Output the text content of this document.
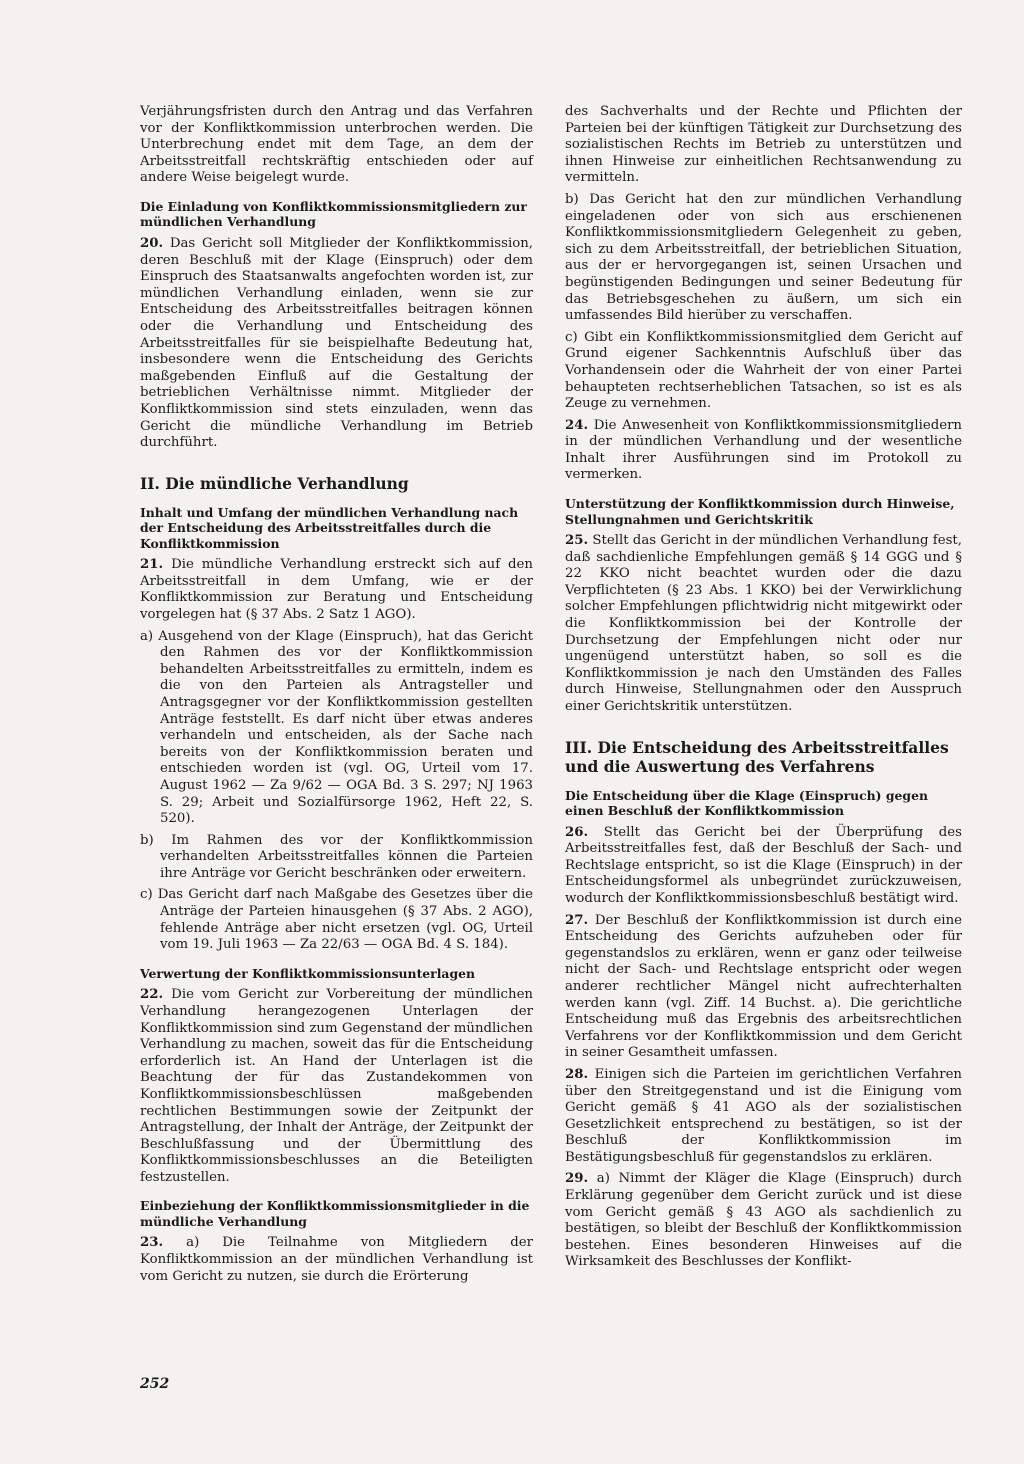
Verjährungsfristen durch den Antrag und das Verfahren vor der Konfliktkommission unterbrochen werden. Die Unterbrechung endet mit dem Tage, an dem der Arbeitsstreitfall rechtskräftig entschieden oder auf andere Weise beigelegt wurde.

Die Einladung von Konfliktkommissionsmitgliedern zur mündlichen Verhandlung

20. Das Gericht soll Mitglieder der Konfliktkommission, deren Beschluß mit der Klage (Einspruch) oder dem Einspruch des Staatsanwalts angefochten worden ist, zur mündlichen Verhandlung einladen, wenn sie zur Entscheidung des Arbeitsstreitfalles beitragen können oder die Verhandlung und Entscheidung des Arbeitsstreitfalles für sie beispielhafte Bedeutung hat, insbesondere wenn die Entscheidung des Gerichts maßgebenden Einfluß auf die Gestaltung der betrieblichen Verhältnisse nimmt. Mitglieder der Konfliktkommission sind stets einzuladen, wenn das Gericht die mündliche Verhandlung im Betrieb durchführt.

II. Die mündliche Verhandlung
Inhalt und Umfang der mündlichen Verhandlung nach der Entscheidung des Arbeitsstreitfalles durch die Konfliktkommission

21. Die mündliche Verhandlung erstreckt sich auf den Arbeitsstreitfall in dem Umfang, wie er der Konfliktkommission zur Beratung und Entscheidung vorgelegen hat (§ 37 Abs. 2 Satz 1 AGO).

a) Ausgehend von der Klage (Einspruch), hat das Gericht den Rahmen des vor der Konfliktkommission behandelten Arbeitsstreitfalles zu ermitteln, indem es die von den Parteien als Antragsteller und Antragsgegner vor der Konfliktkommission gestellten Anträge feststellt. Es darf nicht über etwas anderes verhandeln und entscheiden, als der Sache nach bereits von der Konfliktkommission beraten und entschieden worden ist (vgl. OG, Urteil vom 17. August 1962 — Za 9/62 — OGA Bd. 3 S. 297; NJ 1963 S. 29; Arbeit und Sozialfürsorge 1962, Heft 22, S. 520).

b) Im Rahmen des vor der Konfliktkommission verhandelten Arbeitsstreitfalles können die Parteien ihre Anträge vor Gericht beschränken oder erweitern.

c) Das Gericht darf nach Maßgabe des Gesetzes über die Anträge der Parteien hinausgehen (§ 37 Abs. 2 AGO), fehlende Anträge aber nicht ersetzen (vgl. OG, Urteil vom 19. Juli 1963 — Za 22/63 — OGA Bd. 4 S. 184).

Verwertung der Konfliktkommissionsunterlagen

22. Die vom Gericht zur Vorbereitung der mündlichen Verhandlung herangezogenen Unterlagen der Konfliktkommission sind zum Gegenstand der mündlichen Verhandlung zu machen, soweit das für die Entscheidung erforderlich ist. An Hand der Unterlagen ist die Beachtung der für das Zustandekommen von Konfliktkommissionsbeschlüssen maßgebenden rechtlichen Bestimmungen sowie der Zeitpunkt der Antragstellung, der Inhalt der Anträge, der Zeitpunkt der Beschlußfassung und der Übermittlung des Konfliktkommissionsbeschlusses an die Beteiligten festzustellen.

Einbeziehung der Konfliktkommissionsmitglieder in die mündliche Verhandlung

23. a) Die Teilnahme von Mitgliedern der Konfliktkommission an der mündlichen Verhandlung ist vom Gericht zu nutzen, sie durch die Erörterung

des Sachverhalts und der Rechte und Pflichten der Parteien bei der künftigen Tätigkeit zur Durchsetzung des sozialistischen Rechts im Betrieb zu unterstützen und ihnen Hinweise zur einheitlichen Rechtsanwendung zu vermitteln.

b) Das Gericht hat den zur mündlichen Verhandlung eingeladenen oder von sich aus erschienenen Konfliktkommissionsmitgliedern Gelegenheit zu geben, sich zu dem Arbeitsstreitfall, der betrieblichen Situation, aus der er hervorgegangen ist, seinen Ursachen und begünstigenden Bedingungen und seiner Bedeutung für das Betriebsgeschehen zu äußern, um sich ein umfassendes Bild hierüber zu verschaffen.

c) Gibt ein Konfliktkommissionsmitglied dem Gericht auf Grund eigener Sachkenntnis Aufschluß über das Vorhandensein oder die Wahrheit der von einer Partei behaupteten rechtserheblichen Tatsachen, so ist es als Zeuge zu vernehmen.

24. Die Anwesenheit von Konfliktkommissionsmitgliedern in der mündlichen Verhandlung und der wesentliche Inhalt ihrer Ausführungen sind im Protokoll zu vermerken.

Unterstützung der Konfliktkommission durch Hinweise, Stellungnahmen und Gerichtskritik

25. Stellt das Gericht in der mündlichen Verhandlung fest, daß sachdienliche Empfehlungen gemäß § 14 GGG und § 22 KKO nicht beachtet wurden oder die dazu Verpflichteten (§ 23 Abs. 1 KKO) bei der Verwirklichung solcher Empfehlungen pflichtwidrig nicht mitgewirkt oder die Konfliktkommission bei der Kontrolle der Durchsetzung der Empfehlungen nicht oder nur ungenügend unterstützt haben, so soll es die Konfliktkommission je nach den Umständen des Falles durch Hinweise, Stellungnahmen oder den Ausspruch einer Gerichtskritik unterstützen.

III. Die Entscheidung des Arbeitsstreitfalles und die Auswertung des Verfahrens
Die Entscheidung über die Klage (Einspruch) gegen einen Beschluß der Konfliktkommission

26. Stellt das Gericht bei der Überprüfung des Arbeitsstreitfalles fest, daß der Beschluß der Sach- und Rechtslage entspricht, so ist die Klage (Einspruch) in der Entscheidungsformel als unbegründet zurückzuweisen, wodurch der Konfliktkommissionsbeschluß bestätigt wird.

27. Der Beschluß der Konfliktkommission ist durch eine Entscheidung des Gerichts aufzuheben oder für gegenstandslos zu erklären, wenn er ganz oder teilweise nicht der Sach- und Rechtslage entspricht oder wegen anderer rechtlicher Mängel nicht aufrechterhalten werden kann (vgl. Ziff. 14 Buchst. a). Die gerichtliche Entscheidung muß das Ergebnis des arbeitsrechtlichen Verfahrens vor der Konfliktkommission und dem Gericht in seiner Gesamtheit umfassen.

28. Einigen sich die Parteien im gerichtlichen Verfahren über den Streitgegenstand und ist die Einigung vom Gericht gemäß § 41 AGO als der sozialistischen Gesetzlichkeit entsprechend zu bestätigen, so ist der Beschluß der Konfliktkommission im Bestätigungsbeschluß für gegenstandslos zu erklären.

29. a) Nimmt der Kläger die Klage (Einspruch) durch Erklärung gegenüber dem Gericht zurück und ist diese vom Gericht gemäß § 43 AGO als sachdienlich zu bestätigen, so bleibt der Beschluß der Konfliktkommission bestehen. Eines besonderen Hinweises auf die Wirksamkeit des Beschlusses der Konflikt-

252
